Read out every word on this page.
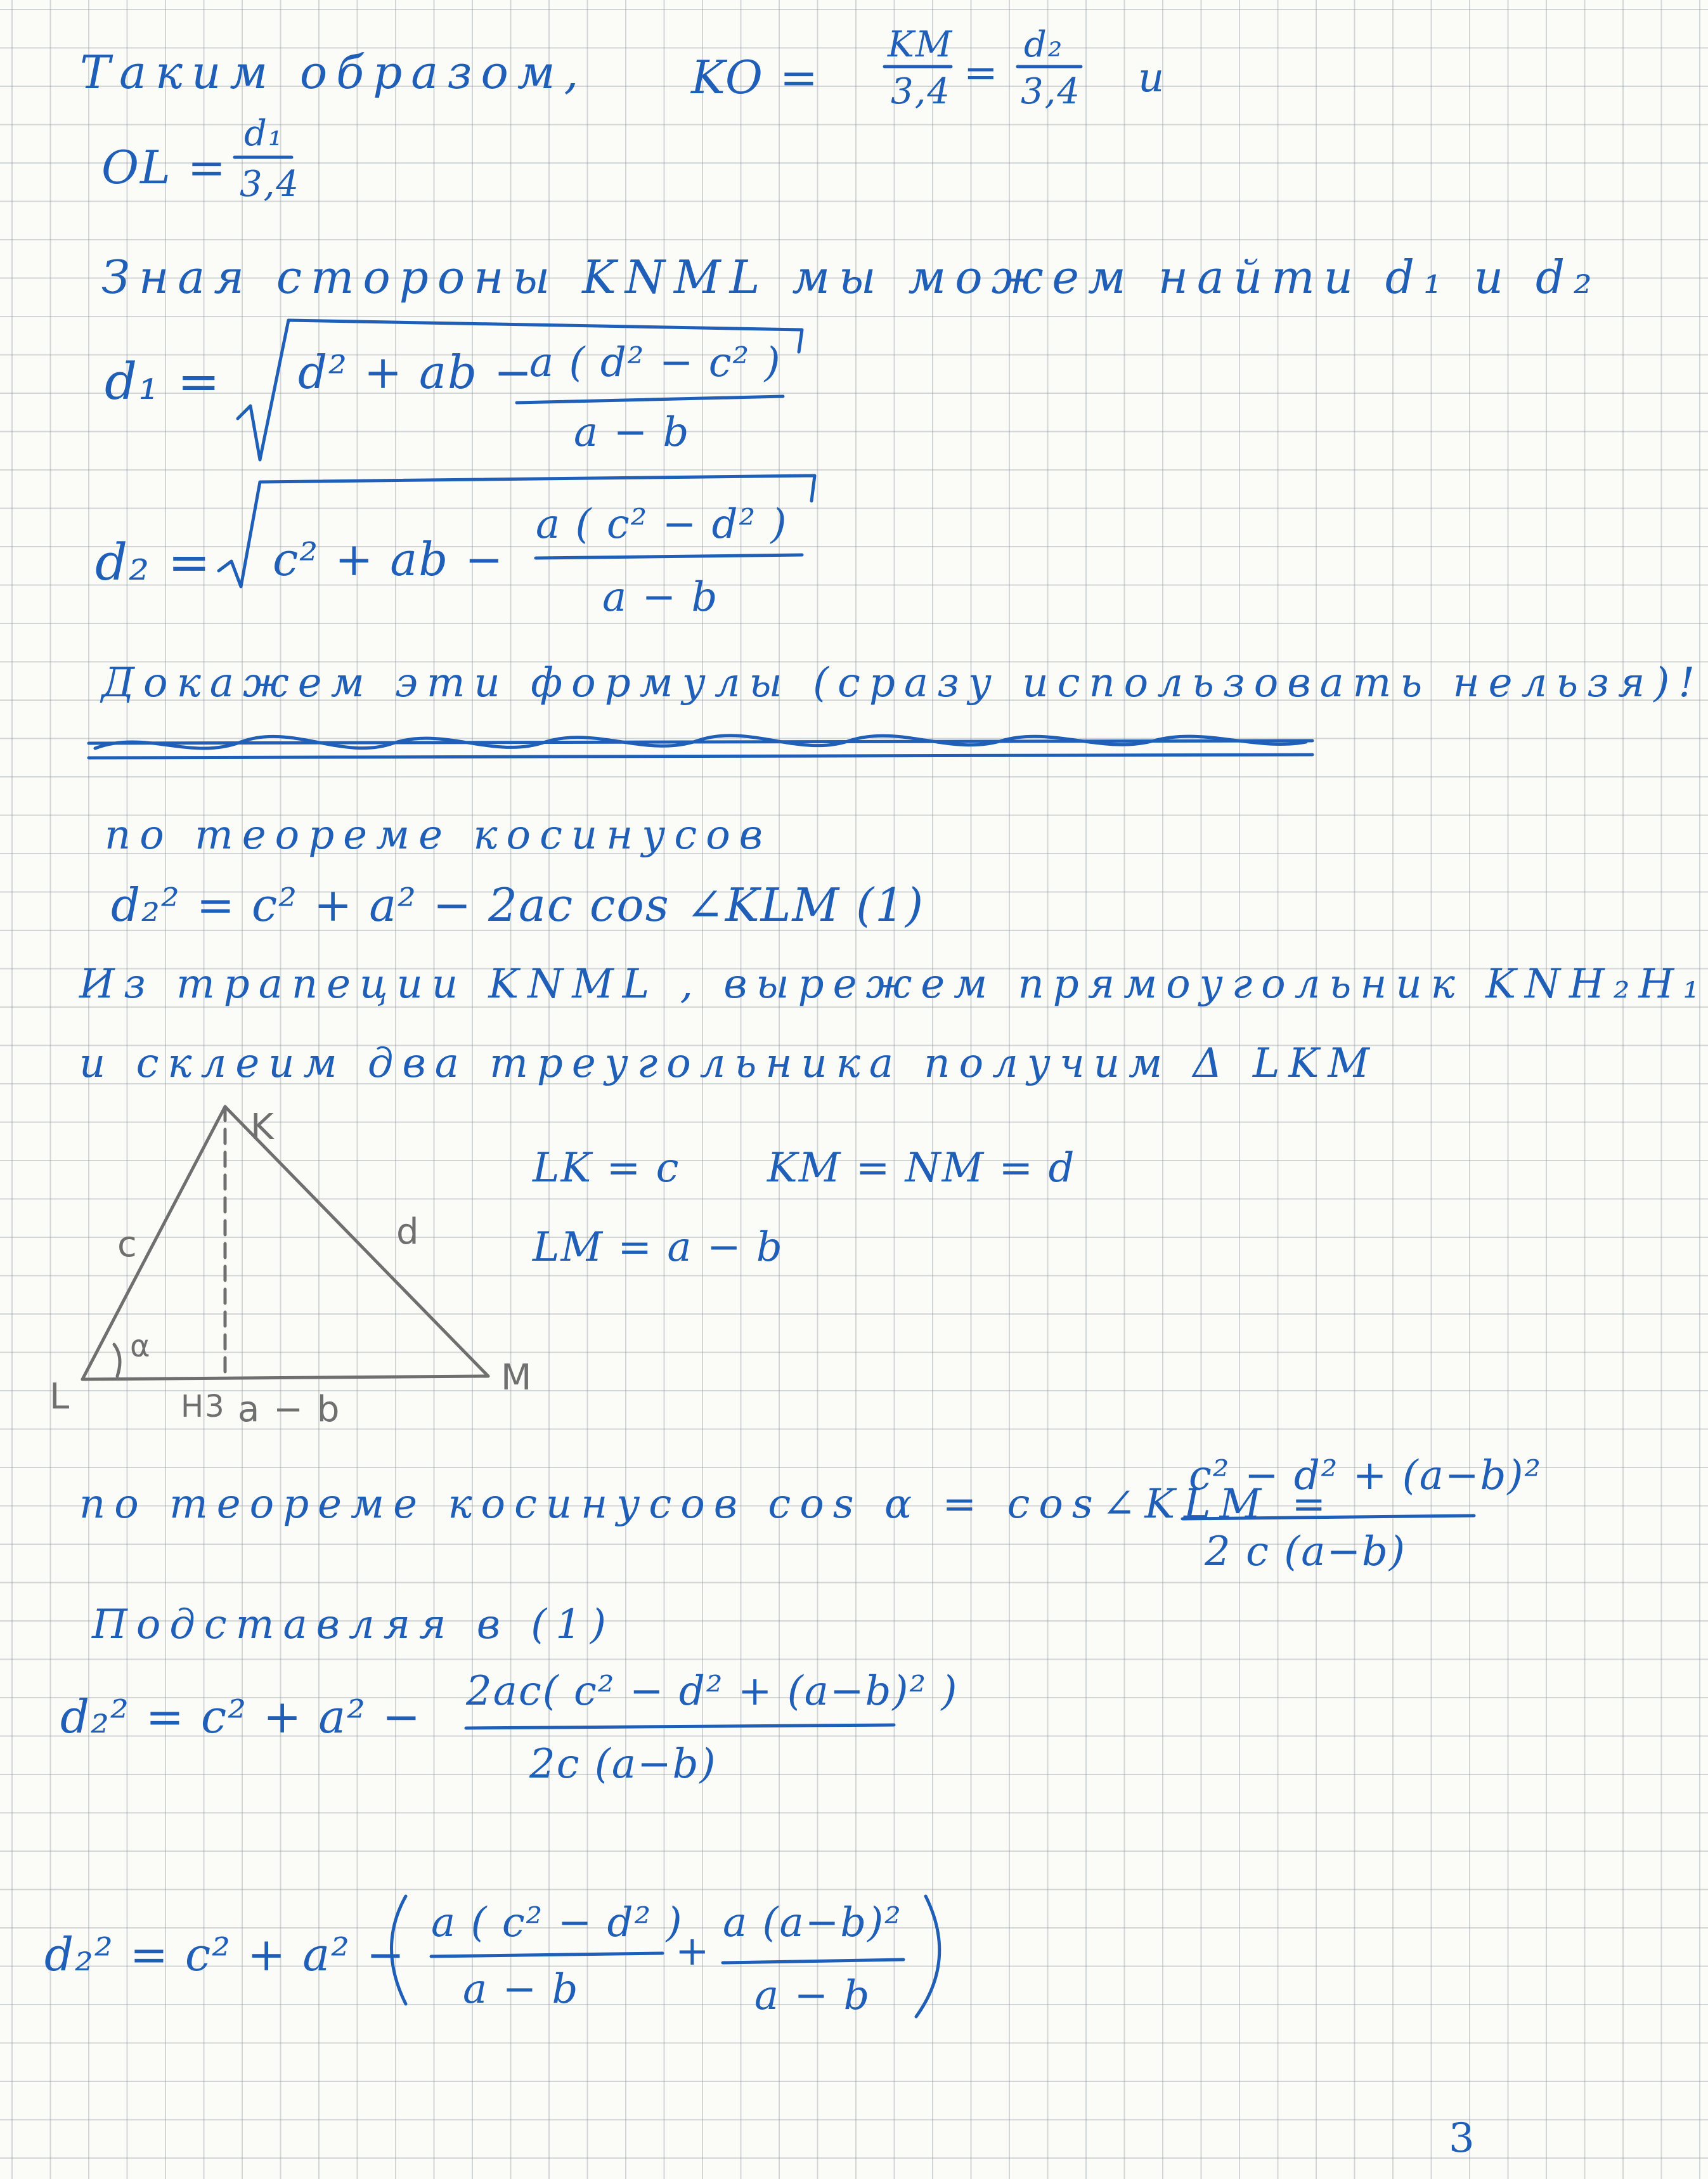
Таким образом, KO =
KM
3,4 =
d₂
3,4 и
OL =
d₁
3,4
Зная стороны KNML мы можем найти d₁ и d₂
d₁ = d² + ab −
a ( d² − c² )
a − b
d₂ = c² + ab −
a ( c² − d² )
a − b
Докажем эти формулы (сразу использовать нельзя)!
по теореме косинусов
d₂² = c² + a² − 2ac cos ∠KLM (1)
Из трапеции KNML , вырежем прямоугольник KNH₂H₁
и склеим два треугольника получим Δ LKM
LK = c KM = NM = d
LM = a − b
K
L	M
H3 a − b
c	d
α
по теореме косинусов cos α = cos∠KLM =
c² − d² + (a−b)²
2 c (a−b)
Подставляя в (1)
d₂² = c² + a² − 2ac( c² − d² + (a−b)² )
2c (a−b)
d₂² = c² + a² −
a ( c² − d² )
a − b
+
a (a−b)²
a − b
3
